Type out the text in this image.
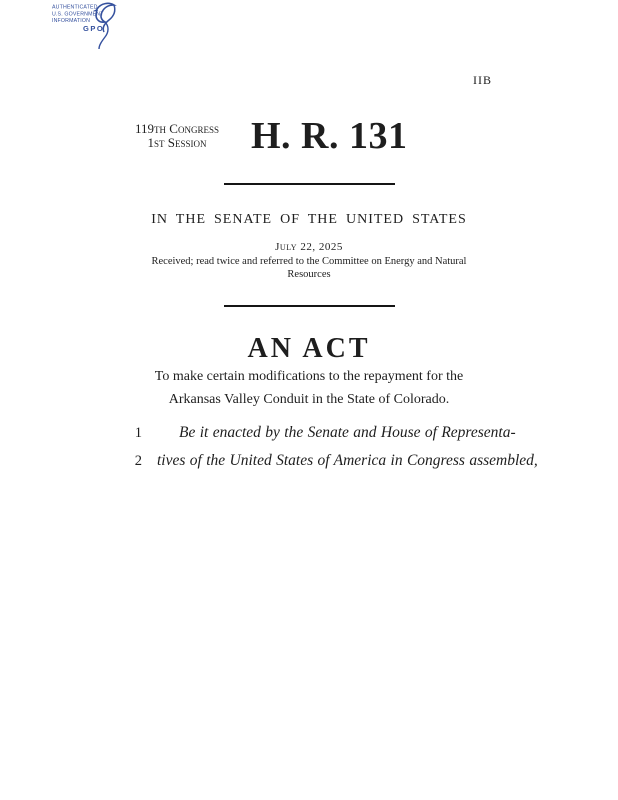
AUTHENTICATED
U.S. GOVERNMENT
INFORMATION
GPO
IIB
119th Congress
1st Session	H. R. 131
IN THE SENATE OF THE UNITED STATES
July 22, 2025
Received; read twice and referred to the Committee on Energy and Natural
Resources
AN ACT
To make certain modifications to the repayment for the
Arkansas Valley Conduit in the State of Colorado.
1 Be it enacted by the Senate and House of Representa-
2 tives of the United States of America in Congress assembled,
